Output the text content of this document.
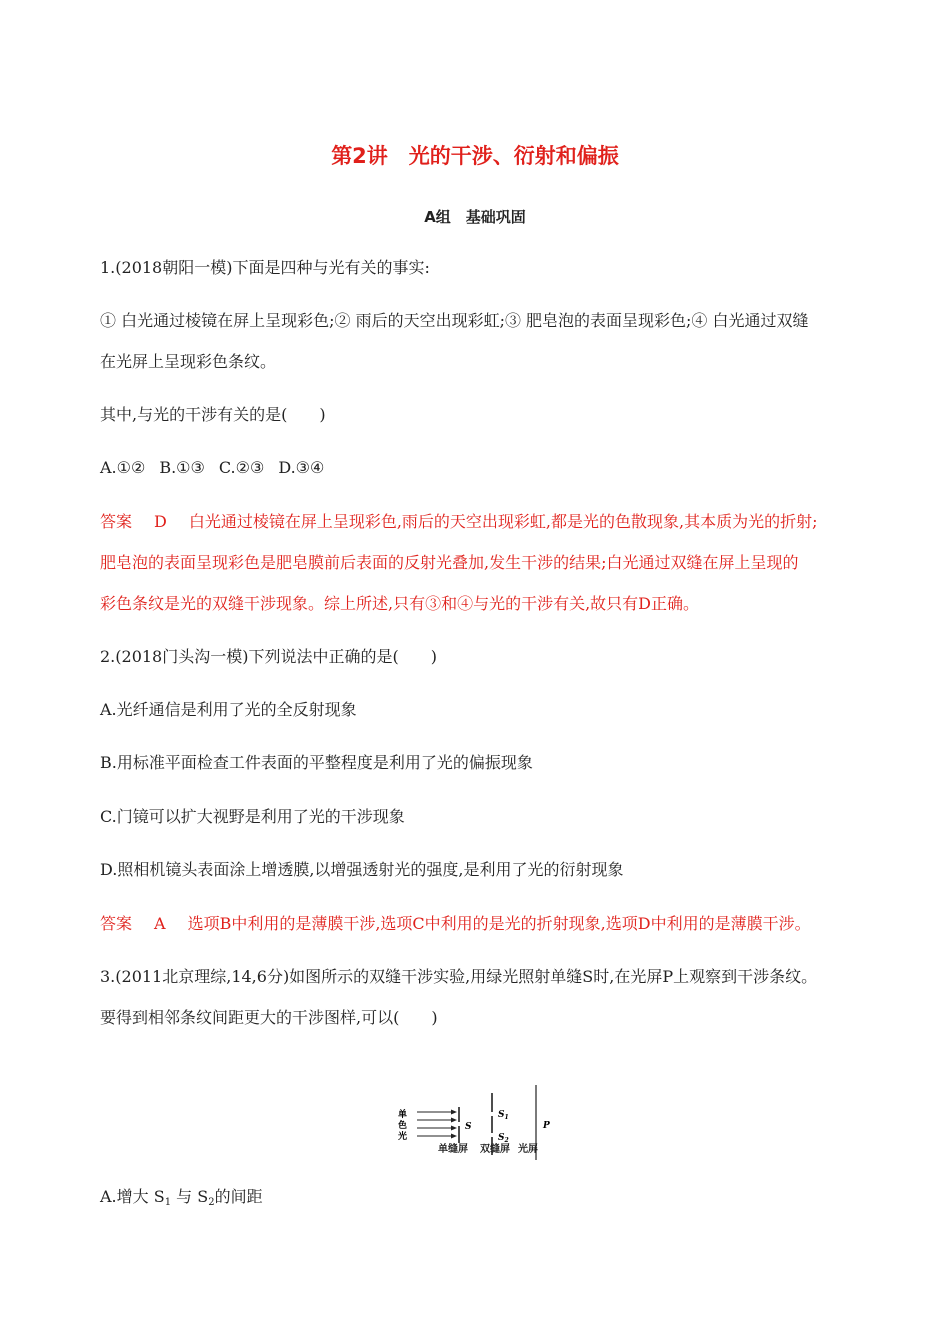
第2讲　光的干涉、衍射和偏振
A组　基础巩固
1.(2018朝阳一模)下面是四种与光有关的事实:
① 白光通过棱镜在屏上呈现彩色;② 雨后的天空出现彩虹;③ 肥皂泡的表面呈现彩色;④ 白光通过双缝
在光屏上呈现彩色条纹。
其中,与光的干涉有关的是(　　)
A.①② B.①③ C.②③ D.③④
答案 D 白光通过棱镜在屏上呈现彩色,雨后的天空出现彩虹,都是光的色散现象,其本质为光的折射;
肥皂泡的表面呈现彩色是肥皂膜前后表面的反射光叠加,发生干涉的结果;白光通过双缝在屏上呈现的
彩色条纹是光的双缝干涉现象。综上所述,只有③和④与光的干涉有关,故只有D正确。
2.(2018门头沟一模)下列说法中正确的是(　　)
A.光纤通信是利用了光的全反射现象
B.用标准平面检查工件表面的平整程度是利用了光的偏振现象
C.门镜可以扩大视野是利用了光的干涉现象
D.照相机镜头表面涂上增透膜,以增强透射光的强度,是利用了光的衍射现象
答案 A 选项B中利用的是薄膜干涉,选项C中利用的是光的折射现象,选项D中利用的是薄膜干涉。
3.(2011北京理综,14,6分)如图所示的双缝干涉实验,用绿光照射单缝S时,在光屏P上观察到干涉条纹。
要得到相邻条纹间距更大的干涉图样,可以(　　)
单
色
光
S
$S_1$
$S_2$
P
单缝屏 双缝屏 光屏
A.增大 $S_1$ 与 $S_2$的间距
